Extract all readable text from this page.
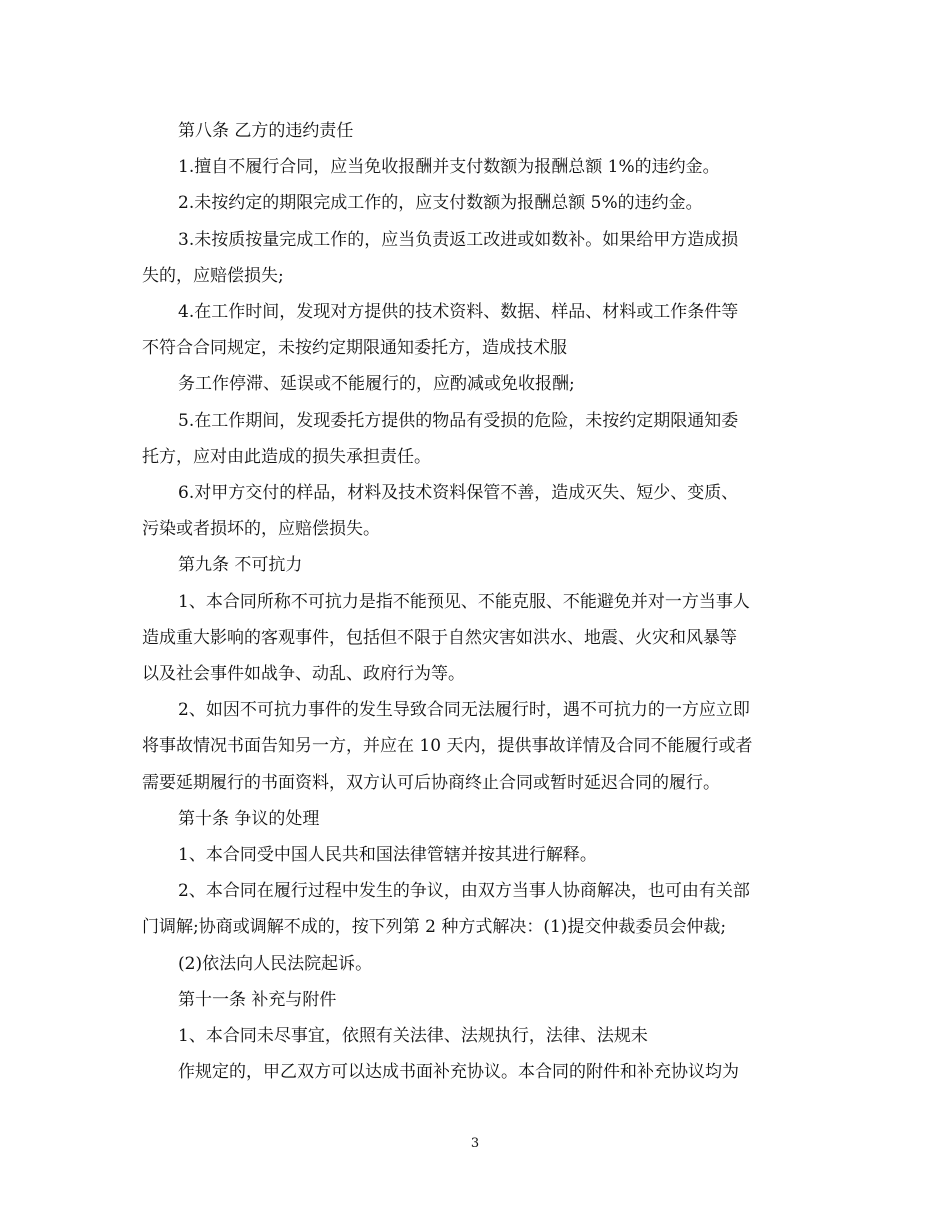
第八条 乙方的违约责任

1.擅自不履行合同，应当免收报酬并支付数额为报酬总额 1%的违约金。

2.未按约定的期限完成工作的，应支付数额为报酬总额 5%的违约金。

3.未按质按量完成工作的，应当负责返工改进或如数补。如果给甲方造成损

失的，应赔偿损失;

4.在工作时间，发现对方提供的技术资料、数据、样品、材料或工作条件等

不符合合同规定，未按约定期限通知委托方，造成技术服

务工作停滞、延误或不能履行的，应酌减或免收报酬;

5.在工作期间，发现委托方提供的物品有受损的危险，未按约定期限通知委

托方，应对由此造成的损失承担责任。

6.对甲方交付的样品，材料及技术资料保管不善，造成灭失、短少、变质、

污染或者损坏的，应赔偿损失。

第九条 不可抗力

1、本合同所称不可抗力是指不能预见、不能克服、不能避免并对一方当事人

造成重大影响的客观事件，包括但不限于自然灾害如洪水、地震、火灾和风暴等

以及社会事件如战争、动乱、政府行为等。

2、如因不可抗力事件的发生导致合同无法履行时，遇不可抗力的一方应立即

将事故情况书面告知另一方，并应在 10 天内，提供事故详情及合同不能履行或者

需要延期履行的书面资料，双方认可后协商终止合同或暂时延迟合同的履行。

第十条 争议的处理

1、本合同受中国人民共和国法律管辖并按其进行解释。

2、本合同在履行过程中发生的争议，由双方当事人协商解决，也可由有关部

门调解;协商或调解不成的，按下列第 2 种方式解决：(1)提交仲裁委员会仲裁;

(2)依法向人民法院起诉。

第十一条 补充与附件

1、本合同未尽事宜，依照有关法律、法规执行，法律、法规未

作规定的，甲乙双方可以达成书面补充协议。本合同的附件和补充协议均为

3
